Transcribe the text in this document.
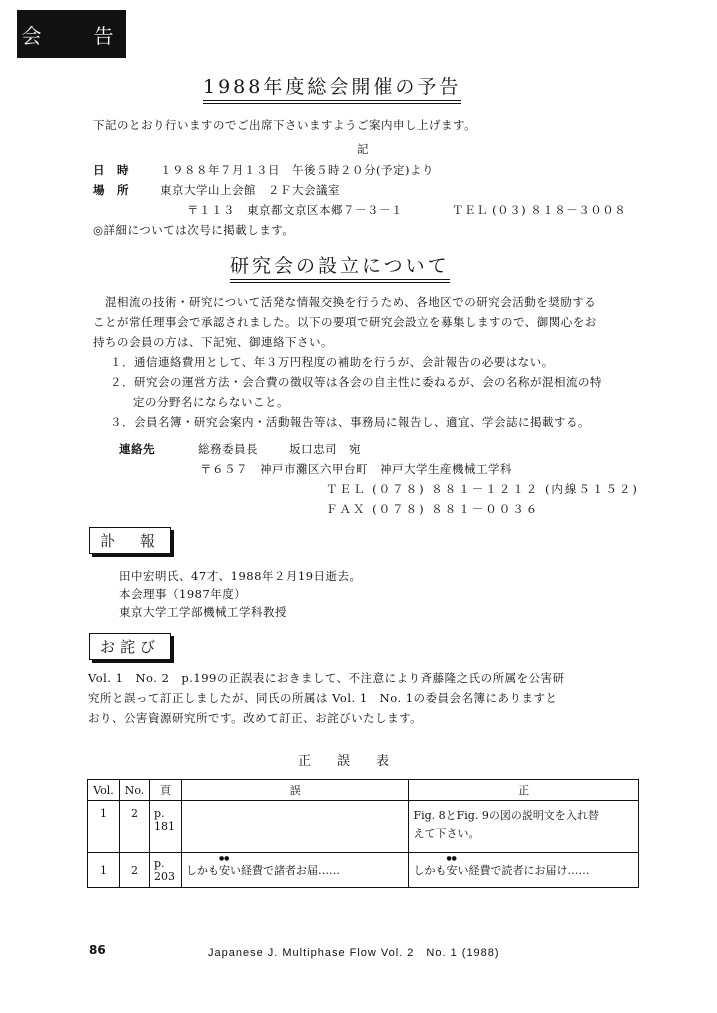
会　告
1988年度総会開催の予告
下記のとおり行いますのでご出席下さいますようご案内申し上げます。
記
日　時	１９８８年７月１３日　午後５時２０分(予定)より
場　所	東京大学山上会館　２Ｆ大会議室
〒１１３　東京都文京区本郷７－３－１	ＴＥＬ (０３) ８１８－３００８
◎詳細については次号に掲載します。
研究会の設立について
混相流の技術・研究について活発な情報交換を行うため、各地区での研究会活動を奨励する
ことが常任理事会で承認されました。以下の要項で研究会設立を募集しますので、御関心をお
持ちの会員の方は、下記宛、御連絡下さい。
１．通信連絡費用として、年３万円程度の補助を行うが、会計報告の必要はない。
２．研究会の運営方法・会合費の徴収等は各会の自主性に委ねるが、会の名称が混相流の特
定の分野名にならないこと。
３．会員名簿・研究会案内・活動報告等は、事務局に報告し、適宜、学会誌に掲載する。
連絡先	総務委員長	坂口忠司　宛
〒６５７　神戸市灘区六甲台町　神戸大学生産機械工学科
ＴＥＬ (０７８) ８８１－１２１２ (内線５１５２)
ＦＡＸ (０７８) ８８１－００３６
訃　報
田中宏明氏、47才、1988年２月19日逝去。
本会理事（1987年度）
東京大学工学部機械工学科教授
お詫び
Vol. 1　No. 2　p.199の正誤表におきまして、不注意により斉藤隆之氏の所属を公害研
究所と誤って訂正しましたが、同氏の所属は Vol. 1　No. 1の委員会名簿にありますと
おり、公害資源研究所です。改めて訂正、お詫びいたします。
正　　誤　　表
Vol.	No.	頁	誤	正
1	2	p. 181		Fig. 8とFig. 9の図の説明文を入れ替
えて下さい。

1	2	p. 203	しかも● ● 安い経費で諸者お届……	しかも● ● 安い経費で読者にお届け……
86	Japanese J. Multiphase Flow Vol. 2　No. 1 (1988)
